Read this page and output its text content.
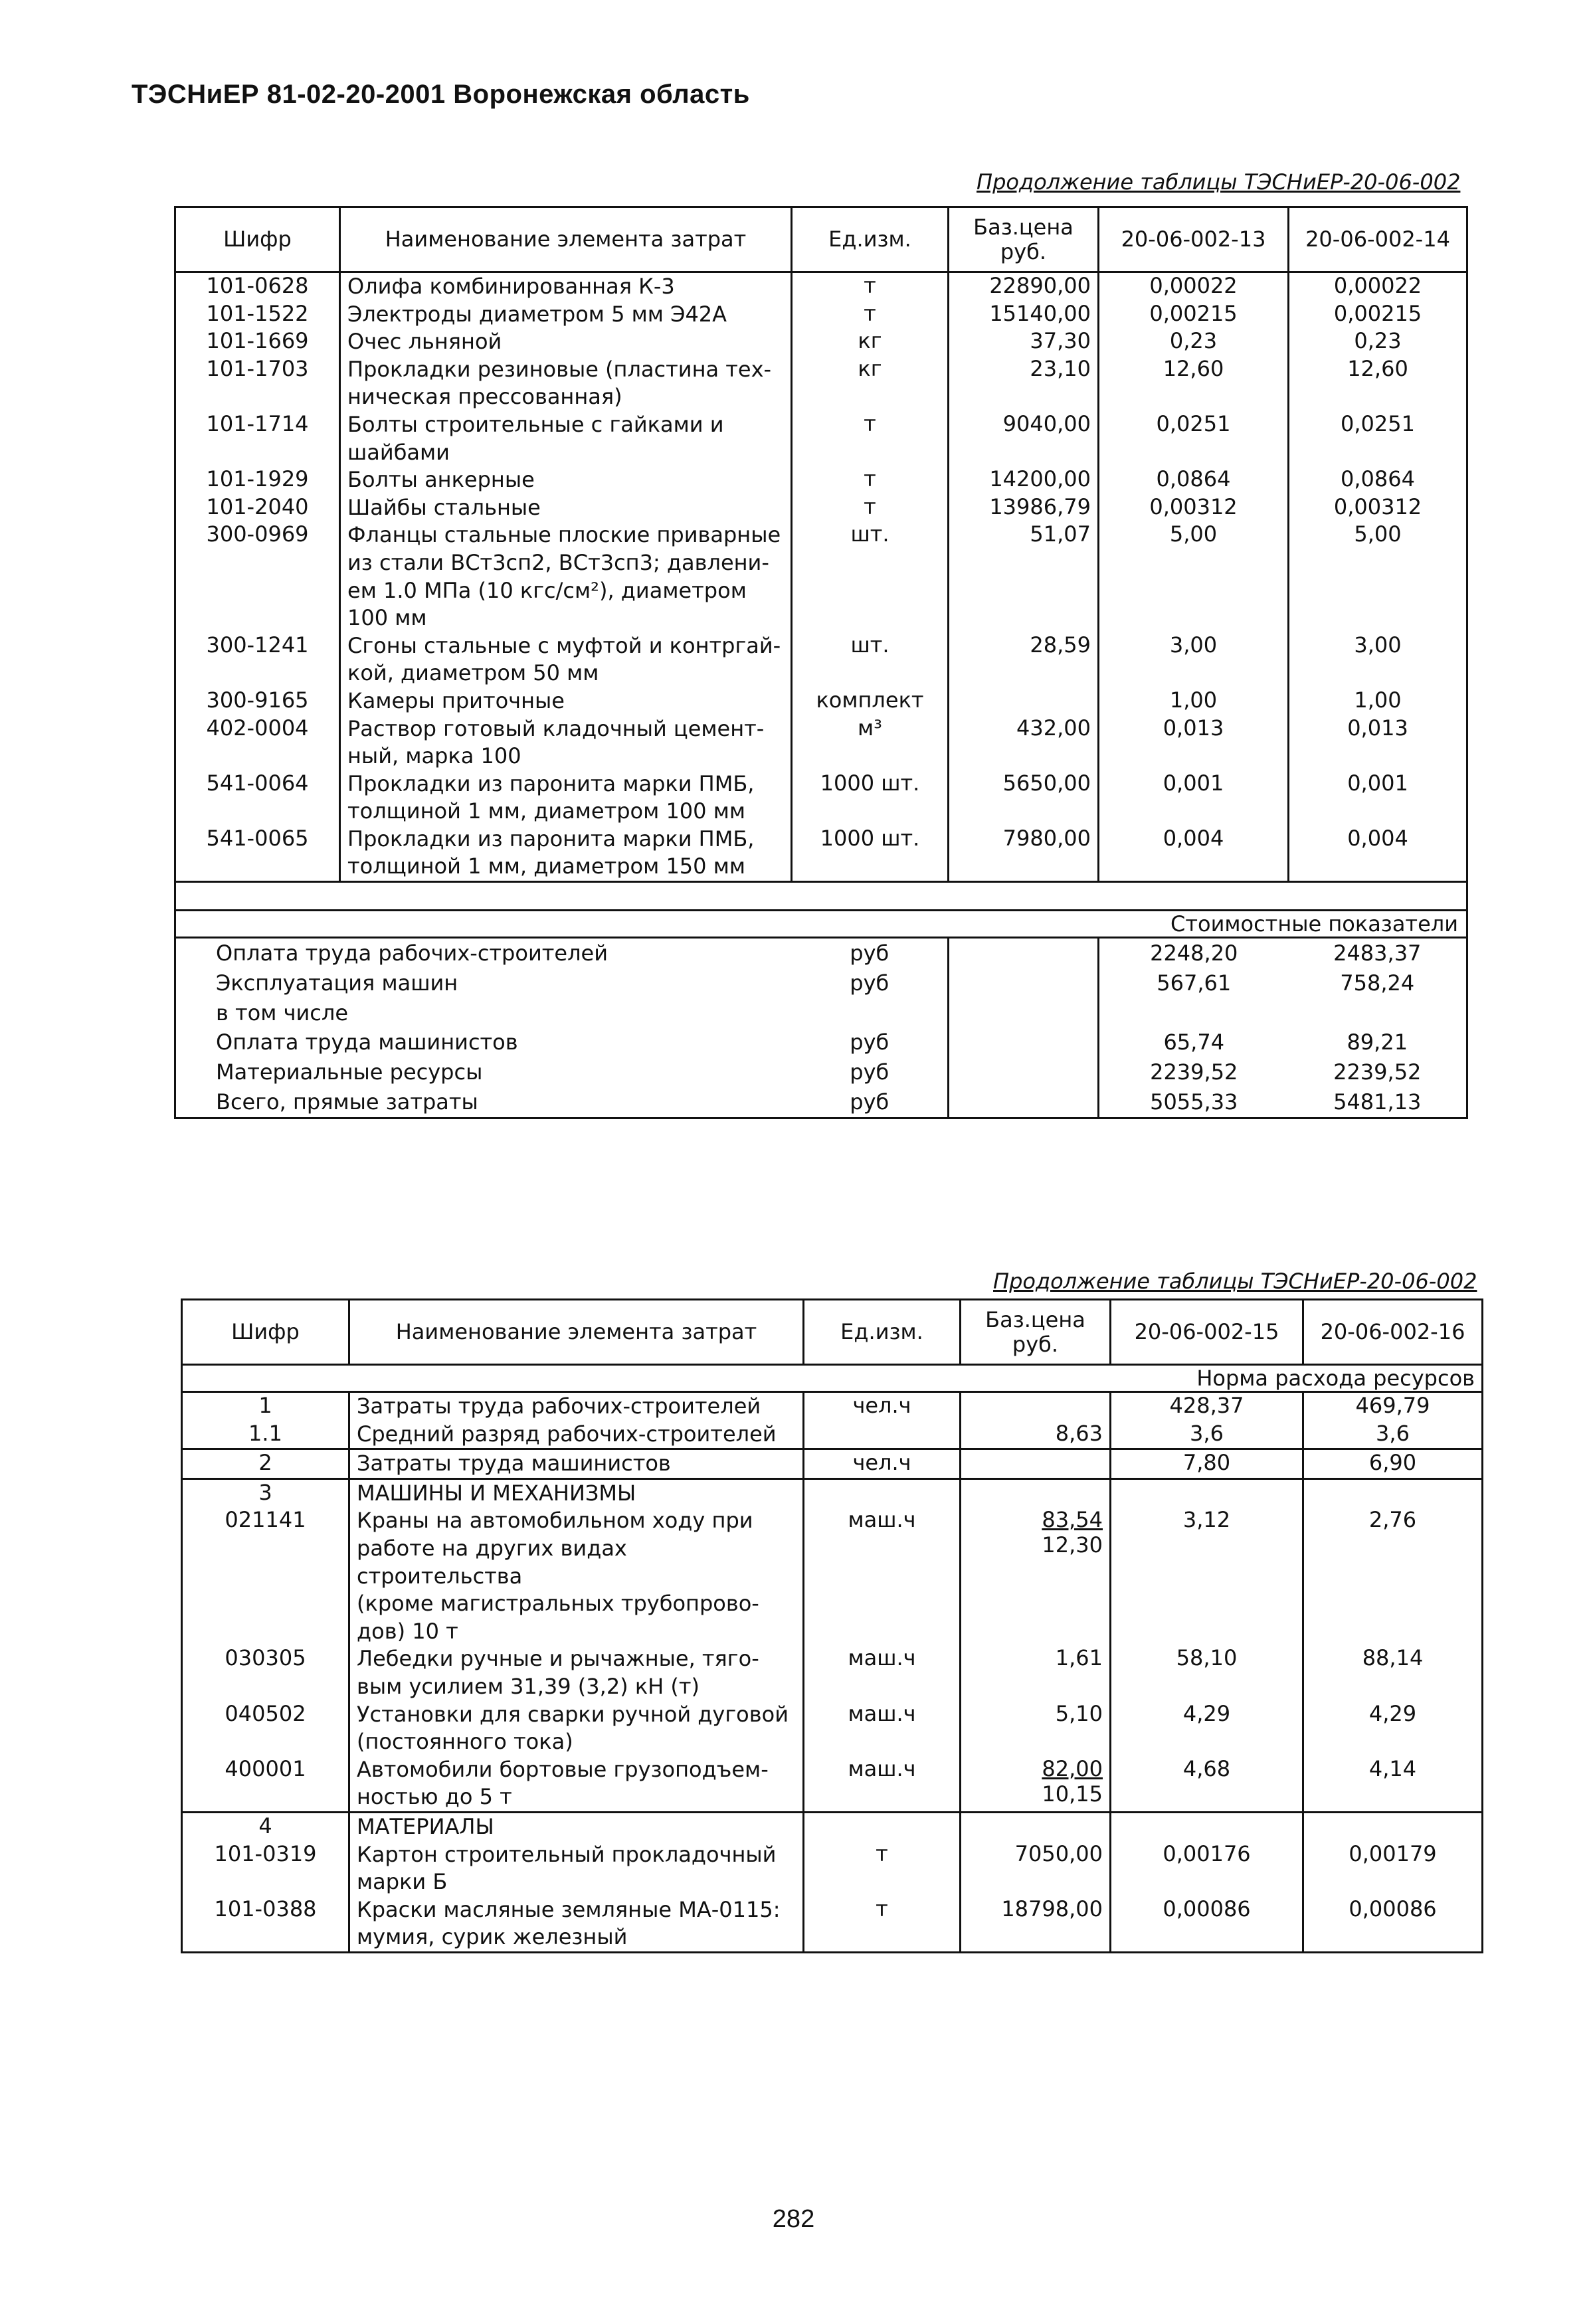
ТЭСНиЕР 81-02-20-2001 Воронежская область
Продолжение таблицы ТЭСНиЕР-20-06-002
Шифр	Наименование элемента затрат	Ед.изм.	Баз.цена
руб.	20-06-002-13	20-06-002-14
101-0628	Олифа комбинированная К-3	т	22890,00	0,00022	0,00022
101-1522	Электроды диаметром 5 мм Э42А	т	15140,00	0,00215	0,00215
101-1669	Очес льняной	кг	37,30	0,23	0,23
101-1703	Прокладки резиновые (пластина тех-
ническая прессованная)	кг	23,10	12,60	12,60
101-1714	Болты строительные с гайками и
шайбами	т	9040,00	0,0251	0,0251
101-1929	Болты анкерные	т	14200,00	0,0864	0,0864
101-2040	Шайбы стальные	т	13986,79	0,00312	0,00312
300-0969	Фланцы стальные плоские приварные
из стали ВСт3сп2, ВСт3сп3; давлени-
ем 1.0 МПа (10 кгс/см²), диаметром
100 мм	шт.	51,07	5,00	5,00
300-1241	Сгоны стальные с муфтой и контргай-
кой, диаметром 50 мм	шт.	28,59	3,00	3,00
300-9165	Камеры приточные	комплект		1,00	1,00
402-0004	Раствор готовый кладочный цемент-
ный, марка 100	м³	432,00	0,013	0,013
541-0064	Прокладки из паронита марки ПМБ,
толщиной 1 мм, диаметром 100 мм	1000 шт.	5650,00	0,001	0,001
541-0065	Прокладки из паронита марки ПМБ,
толщиной 1 мм, диаметром 150 мм	1000 шт.	7980,00	0,004	0,004

Стоимостные показатели					
Оплата труда рабочих-строителей		руб		2248,20	2483,37
Эксплуатация машин		руб		567,61	758,24
в том числе					
Оплата труда машинистов		руб		65,74	89,21
Материальные ресурсы		руб		2239,52	2239,52
Всего, прямые затраты		руб		5055,33	5481,13
Продолжение таблицы ТЭСНиЕР-20-06-002
Шифр	Наименование элемента затрат	Ед.изм.	Баз.цена
руб.	20-06-002-15	20-06-002-16
Норма расхода ресурсов					
1	Затраты труда рабочих-строителей	чел.ч		428,37	469,79
1.1	Средний разряд рабочих-строителей		8,63	3,6	3,6
2	Затраты труда машинистов	чел.ч		7,80	6,90
3	МАШИНЫ И МЕХАНИЗМЫ				

021141	Краны на автомобильном ходу при
работе на других видах строительства
(кроме магистральных трубопрово-
дов) 10 т	маш.ч	83,54
12,30	3,12	2,76
030305	Лебедки ручные и рычажные, тяго-
вым усилием 31,39 (3,2) кН (т)	маш.ч	1,61	58,10	88,14
040502	Установки для сварки ручной дуговой
(постоянного тока)	маш.ч	5,10	4,29	4,29
400001	Автомобили бортовые грузоподъем-
ностью до 5 т	маш.ч	82,00
10,15	4,68	4,14
4	МАТЕРИАЛЫ				

101-0319	Картон строительный прокладочный
марки Б	т	7050,00	0,00176	0,00179
101-0388	Краски масляные земляные МА-0115:
мумия, сурик железный	т	18798,00	0,00086	0,00086
282
